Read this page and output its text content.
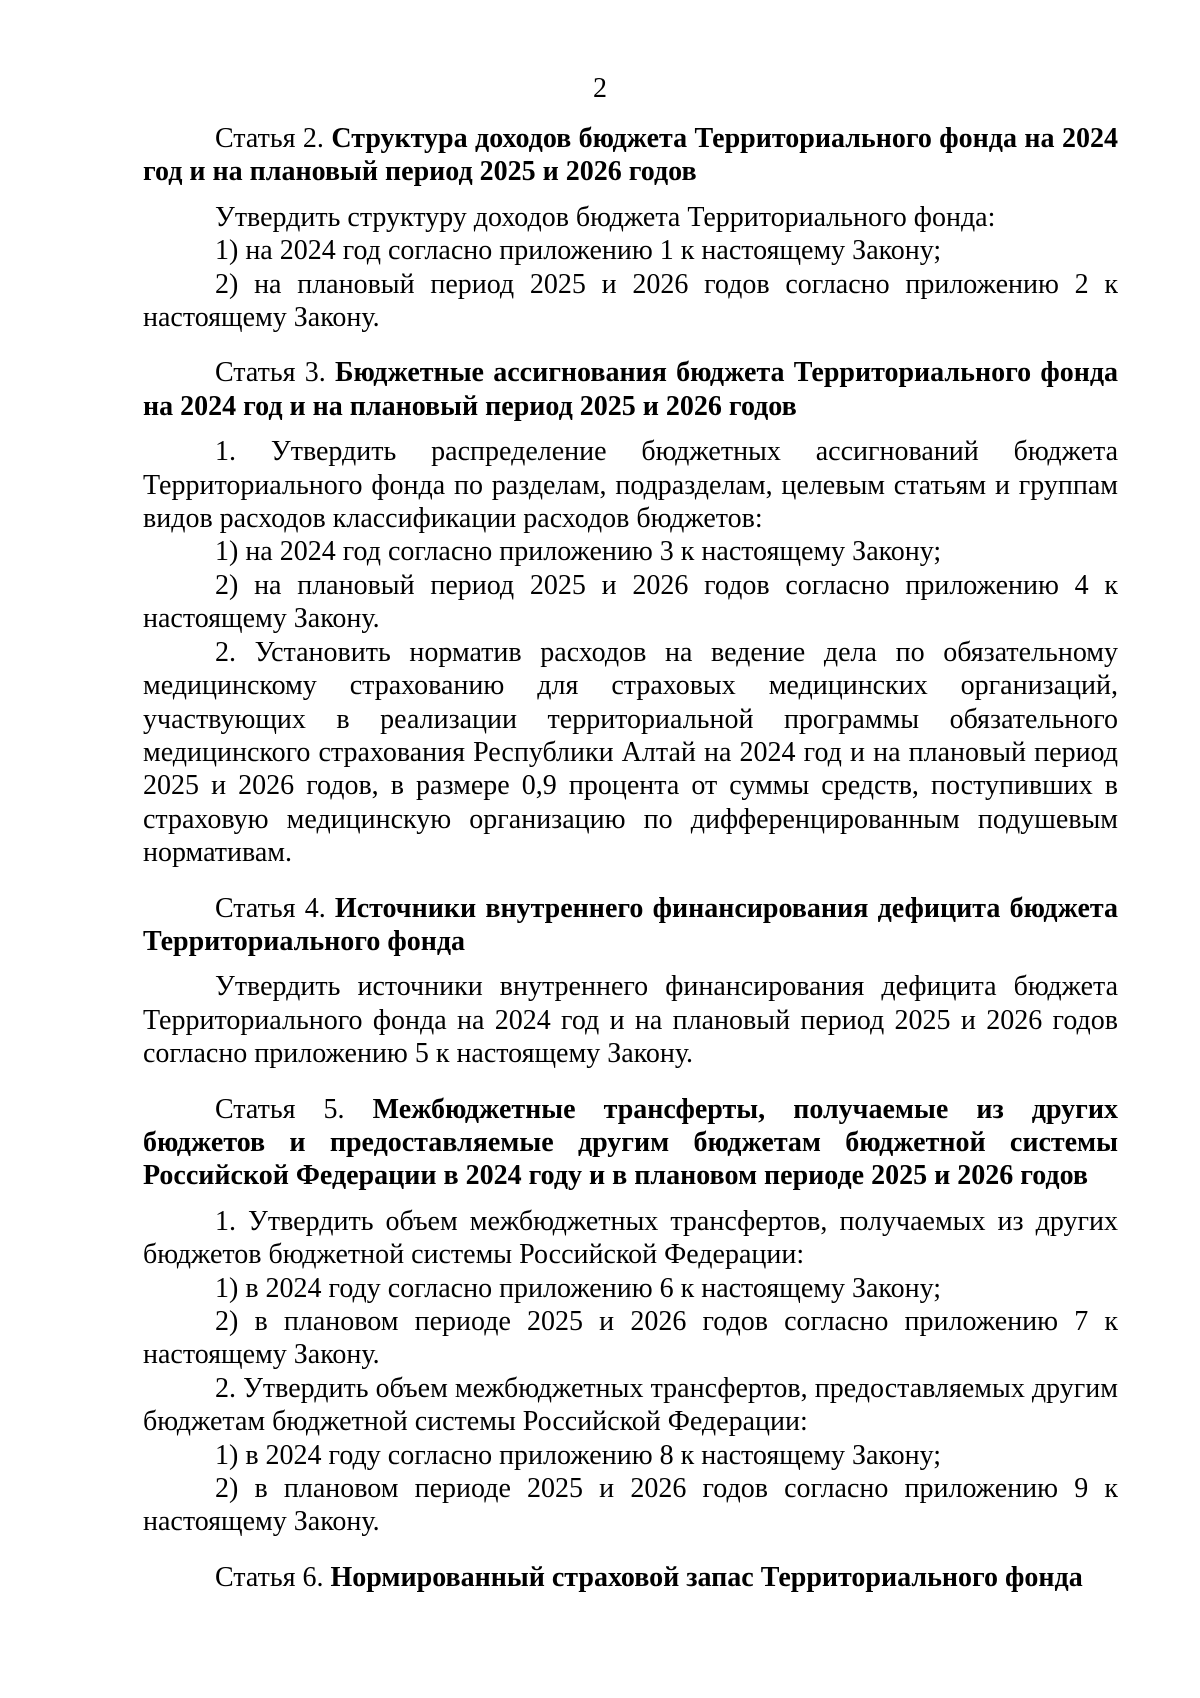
2

Статья 2. Структура доходов бюджета Территориального фонда на 2024 год и на плановый период 2025 и 2026 годов

Утвердить структуру доходов бюджета Территориального фонда:

1) на 2024 год согласно приложению 1 к настоящему Закону;

2) на плановый период 2025 и 2026 годов согласно приложению 2 к настоящему Закону.

Статья 3. Бюджетные ассигнования бюджета Территориального фонда на 2024 год и на плановый период 2025 и 2026 годов

1. Утвердить распределение бюджетных ассигнований бюджета Территориального фонда по разделам, подразделам, целевым статьям и группам видов расходов классификации расходов бюджетов:

1) на 2024 год согласно приложению 3 к настоящему Закону;

2) на плановый период 2025 и 2026 годов согласно приложению 4 к настоящему Закону.

2. Установить норматив расходов на ведение дела по обязательному медицинскому страхованию для страховых медицинских организаций, участвующих в реализации территориальной программы обязательного медицинского страхования Республики Алтай на 2024 год и на плановый период 2025 и 2026 годов, в размере 0,9 процента от суммы средств, поступивших в страховую медицинскую организацию по дифференцированным подушевым нормативам.

Статья 4. Источники внутреннего финансирования дефицита бюджета Территориального фонда

Утвердить источники внутреннего финансирования дефицита бюджета Территориального фонда на 2024 год и на плановый период 2025 и 2026 годов согласно приложению 5 к настоящему Закону.

Статья 5. Межбюджетные трансферты, получаемые из других бюджетов и предоставляемые другим бюджетам бюджетной системы Российской Федерации в 2024 году и в плановом периоде 2025 и 2026 годов

1. Утвердить объем межбюджетных трансфертов, получаемых из других бюджетов бюджетной системы Российской Федерации:

1) в 2024 году согласно приложению 6 к настоящему Закону;

2) в плановом периоде 2025 и 2026 годов согласно приложению 7 к настоящему Закону.

2. Утвердить объем межбюджетных трансфертов, предоставляемых другим бюджетам бюджетной системы Российской Федерации:

1) в 2024 году согласно приложению 8 к настоящему Закону;

2) в плановом периоде 2025 и 2026 годов согласно приложению 9 к настоящему Закону.

Статья 6. Нормированный страховой запас Территориального фонда
